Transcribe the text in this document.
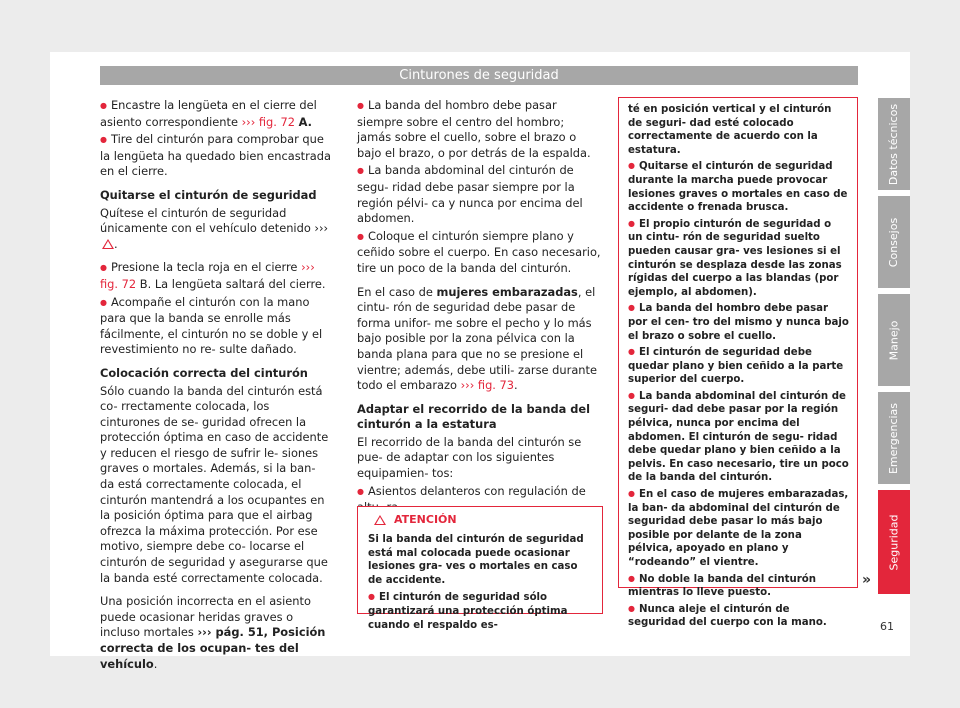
Cinturones de seguridad

● Encastre la lengüeta en el cierre del asiento correspondiente ››› fig. 72 A.

● Tire del cinturón para comprobar que la lengüeta ha quedado bien encastrada en el cierre.

Quitarse el cinturón de seguridad

Quítese el cinturón de seguridad únicamente con el vehículo detenido ››› .

● Presione la tecla roja en el cierre ››› fig. 72 B. La lengüeta saltará del cierre.

● Acompañe el cinturón con la mano para que la banda se enrolle más fácilmente, el cinturón no se doble y el revestimiento no re- sulte dañado.

Colocación correcta del cinturón

Sólo cuando la banda del cinturón está co- rrectamente colocada, los cinturones de se- guridad ofrecen la protección óptima en caso de accidente y reducen el riesgo de sufrir le- siones graves o mortales. Además, si la ban- da está correctamente colocada, el cinturón mantendrá a los ocupantes en la posición óptima para que el airbag ofrezca la máxima protección. Por ese motivo, siempre debe co- locarse el cinturón de seguridad y asegurarse que la banda esté correctamente colocada.

Una posición incorrecta en el asiento puede ocasionar heridas graves o incluso mortales ››› pág. 51, Posición correcta de los ocupan- tes del vehículo.

● La banda del hombro debe pasar siempre sobre el centro del hombro; jamás sobre el cuello, sobre el brazo o bajo el brazo, o por detrás de la espalda.

● La banda abdominal del cinturón de segu- ridad debe pasar siempre por la región pélvi- ca y nunca por encima del abdomen.

● Coloque el cinturón siempre plano y ceñido sobre el cuerpo. En caso necesario, tire un poco de la banda del cinturón.

En el caso de mujeres embarazadas, el cintu- rón de seguridad debe pasar de forma unifor- me sobre el pecho y lo más bajo posible por la zona pélvica con la banda plana para que no se presione el vientre; además, debe utili- zarse durante todo el embarazo ››› fig. 73.

Adaptar el recorrido de la banda del cinturón a la estatura

El recorrido de la banda del cinturón se pue- de adaptar con los siguientes equipamien- tos:

● Asientos delanteros con regulación de

ATENCIÓN

Si la banda del cinturón de seguridad está mal colocada puede ocasionar lesiones gra- ves o mortales en caso de accidente.

● El cinturón de seguridad sólo garantizará una protección óptima cuando el respaldo es-

té en posición vertical y el cinturón de seguri- dad esté colocado correctamente de acuerdo con la estatura.

● Quitarse el cinturón de seguridad durante la marcha puede provocar lesiones graves o mortales en caso de accidente o frenada brusca.

● El propio cinturón de seguridad o un cintu- rón de seguridad suelto pueden causar gra- ves lesiones si el cinturón se desplaza desde las zonas rígidas del cuerpo a las blandas (por ejemplo, al abdomen).

● La banda del hombro debe pasar por el cen- tro del mismo y nunca bajo el brazo o sobre el cuello.

● El cinturón de seguridad debe quedar plano y bien ceñido a la parte superior del cuerpo.

● La banda abdominal del cinturón de seguri- dad debe pasar por la región pélvica, nunca por encima del abdomen. El cinturón de segu- ridad debe quedar plano y bien ceñido a la pelvis. En caso necesario, tire un poco de la banda del cinturón.

● En el caso de mujeres embarazadas, la ban- da abdominal del cinturón de seguridad debe pasar lo más bajo posible por delante de la zona pélvica, apoyado en plano y “rodeando” el vientre.

● No doble la banda del cinturón mientras lo lleve puesto.

● Nunca aleje el cinturón de seguridad del cuerpo con la mano.

»
Datos técnicos
Consejos
Manejo
Emergencias
Seguridad
61
